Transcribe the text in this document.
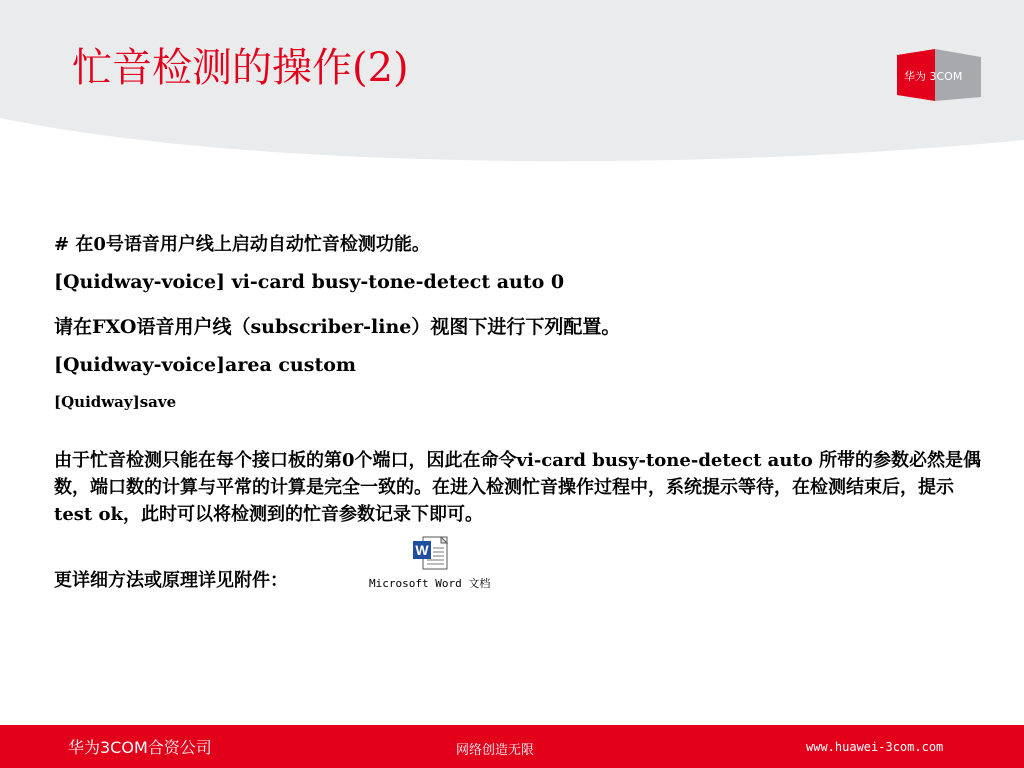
忙音检测的操作(2)	华为 3COM

# 在0号语音用户线上启动自动忙音检测功能。

[Quidway-voice] vi-card busy-tone-detect auto 0

请在FXO语音用户线（subscriber-line）视图下进行下列配置。

[Quidway-voice]area custom

[Quidway]save

由于忙音检测只能在每个接口板的第0个端口，因此在命令vi-card busy-tone-detect auto 所带的参数必然是偶数，端口数的计算与平常的计算是完全一致的。在进入检测忙音操作过程中，系统提示等待，在检测结束后，提示test ok，此时可以将检测到的忙音参数记录下即可。

更详细方法或原理详见附件：
W
Microsoft Word 文档
华为3COM合资公司	网络创造无限	www.huawei-3com.com
